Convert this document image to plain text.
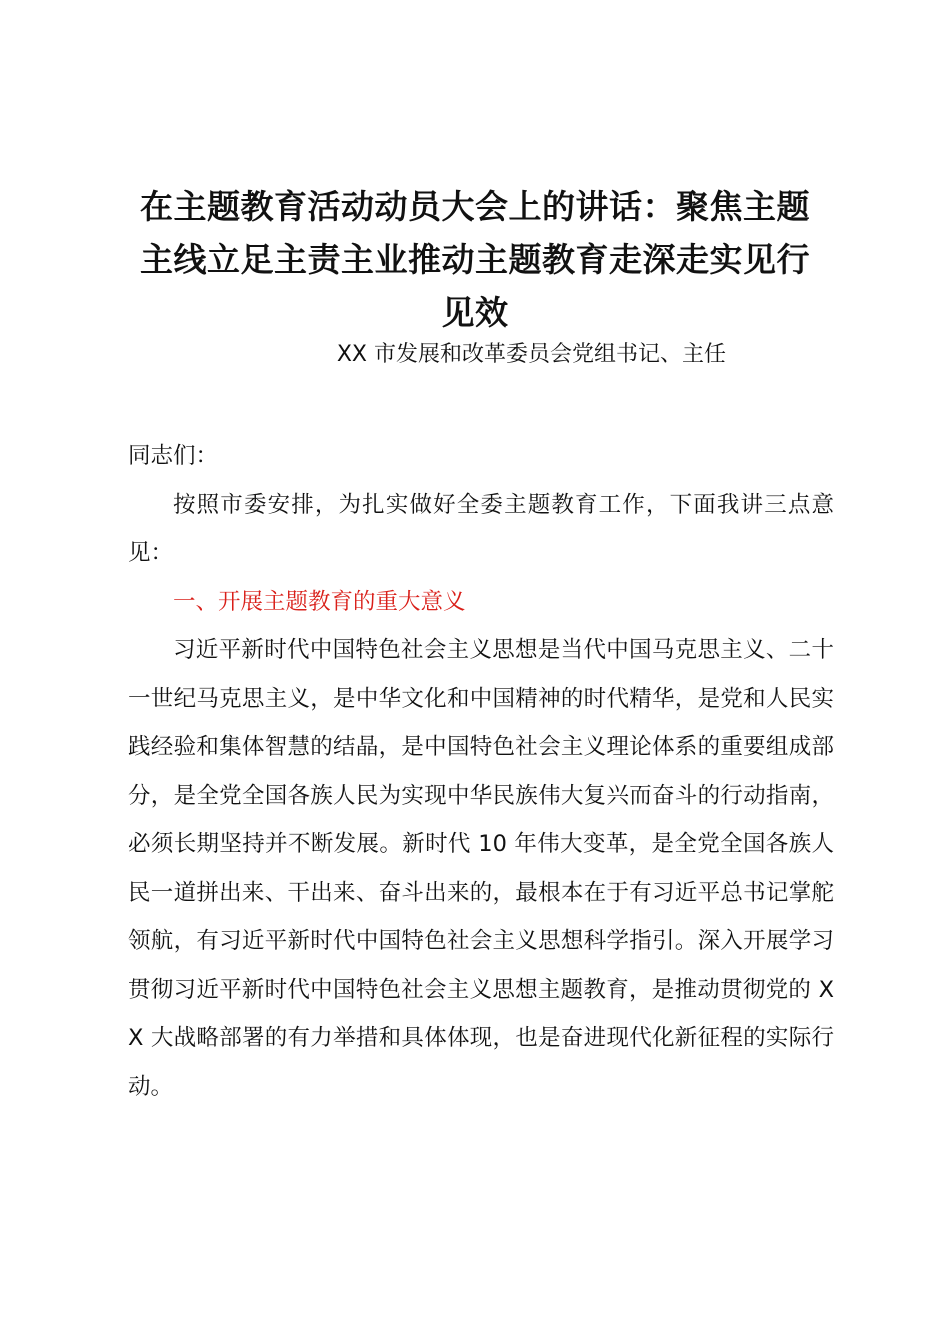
在主题教育活动动员大会上的讲话：聚焦主题
主线立足主责主业推动主题教育走深走实见行
见效
XX 市发展和改革委员会党组书记、主任

同志们：

按照市委安排，为扎实做好全委主题教育工作，下面我讲三点意见：

一、开展主题教育的重大意义

习近平新时代中国特色社会主义思想是当代中国马克思主义、二十一世纪马克思主义，是中华文化和中国精神的时代精华，是党和人民实践经验和集体智慧的结晶，是中国特色社会主义理论体系的重要组成部分，是全党全国各族人民为实现中华民族伟大复兴而奋斗的行动指南，必须长期坚持并不断发展。新时代 10 年伟大变革，是全党全国各族人民一道拼出来、干出来、奋斗出来的，最根本在于有习近平总书记掌舵领航，有习近平新时代中国特色社会主义思想科学指引。深入开展学习贯彻习近平新时代中国特色社会主义思想主题教育，是推动贯彻党的 XX 大战略部署的有力举措和具体体现，也是奋进现代化新征程的实际行动。
